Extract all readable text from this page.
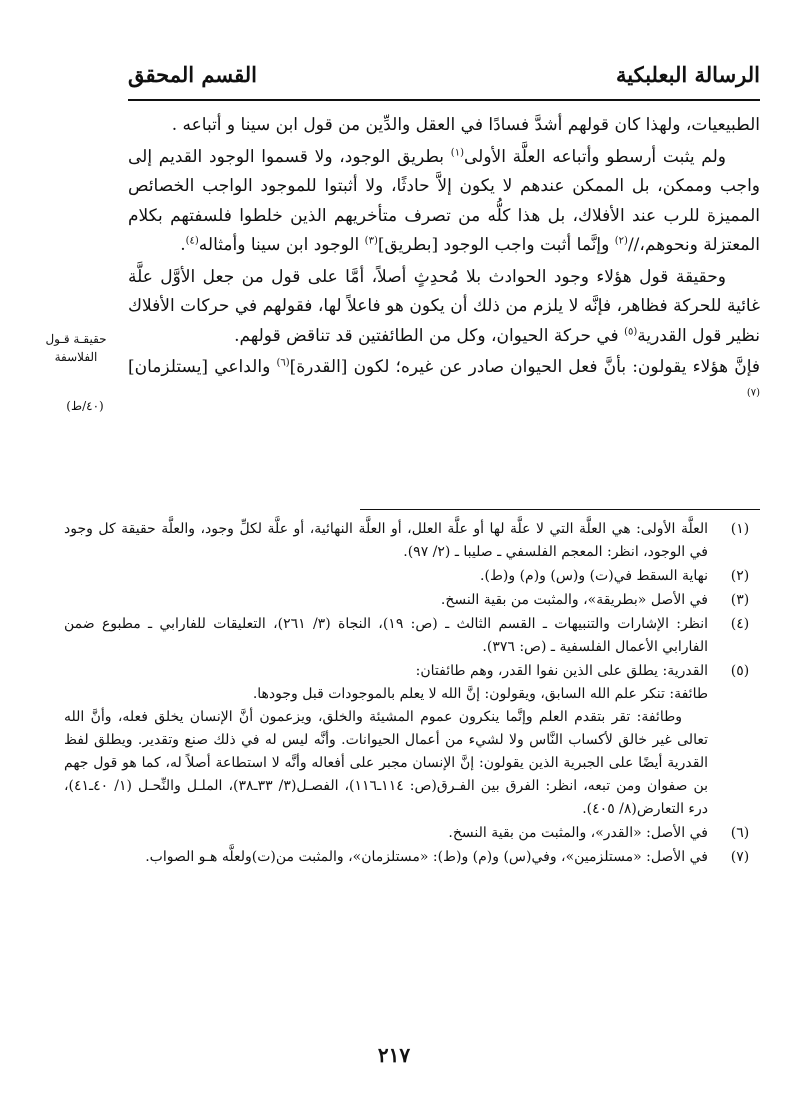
الرسالة البعلبكية
القسم المحقق

الطبيعيات، ولهذا كان قولهم أشدَّ فسادًا في العقل والدِّين من قول ابن سينا و أتباعه .

ولم يثبت أرسطو وأتباعه العلَّة الأولى$^{(١)}$ بطريق الوجود، ولا قسموا الوجود القديم إلى واجب وممكن، بل الممكن عندهم لا يكون إلاَّ حادثًا، ولا أثبتوا للموجود الواجب الخصائص المميزة للرب عند الأفلاك، بل هذا كلُّه من تصرف متأخريهم الذين خلطوا فلسفتهم بكلام المعتزلة ونحوهم،//$^{(٢)}$ وإنَّما أثبت واجب الوجود [بطريق]$^{(٣)}$ الوجود ابن سينا وأمثاله$^{(٤)}$.

وحقيقة قول هؤلاء وجود الحوادث بلا مُحدِثٍ أصلاً، أمَّا على قول من جعل الأوَّل علَّة غائية للحركة فظاهر، فإنَّه لا يلزم من ذلك أن يكون هو فاعلاً لها، فقولهم في حركات الأفلاك نظير قول القدرية$^{(٥)}$ في حركة الحيوان، وكل من الطائفتين قد تناقض قولهم.

فإنَّ هؤلاء يقولون: بأنَّ فعل الحيوان صادر عن غيره؛ لكون [القدرة]$^{(٦)}$ والداعي [يستلزمان]$^{(٧)}$

حقيقـة قـول الفلاسفة
(٤٠/ط)
(١)
العلَّة الأولى: هي العلَّة التي لا علَّة لها أو علَّة العلل، أو العلَّة النهائية، أو علَّة لكلِّ وجود، والعلَّة حقيقة كل وجود في الوجود، انظر: المعجم الفلسفي ـ صليبا ـ (٢/ ٩٧).
(٢)
نهاية السقط في(ت) و(س) و(م) و(ط).
(٣)
في الأصل «بطريقة»، والمثبت من بقية النسخ.
(٤)
انظر: الإشارات والتنبيهات ـ القسم الثالث ـ (ص: ١٩)، النجاة (٣/ ٢٦١)، التعليقات للفارابي ـ مطبوع ضمن الفارابي الأعمال الفلسفية ـ (ص: ٣٧٦).
(٥)
القدرية: يطلق على الذين نفوا القدر، وهم طائفتان:
طائفة: تنكر علم الله السابق، ويقولون: إنَّ الله لا يعلم بالموجودات قبل وجودها.
وطائفة: تقر بتقدم العلم وإنَّما ينكرون عموم المشيئة والخلق، ويزعمون أنَّ الإنسان يخلق فعله، وأنَّ الله تعالى غير خالق لأكساب النَّاس ولا لشيء من أعمال الحيوانات. وأنَّه ليس له في ذلك صنع وتقدير. ويطلق لفظ القدرية أيضًا على الجبرية الذين يقولون: إنَّ الإنسان مجبر على أفعاله وأنَّه لا استطاعة أصلاً له، كما هو قول جهم بن صفوان ومن تبعه، انظر: الفرق بين الفـرق(ص: ١١٤ـ١١٦)، الفصـل(٣/ ٣٣ـ٣٨)، الملـل والنِّحـل (١/ ٤٠ـ٤١)، درء التعارض(٨/ ٤٠٥).
(٦)
في الأصل: «القدر»، والمثبت من بقية النسخ.
(٧)
في الأصل: «مستلزمين»، وفي(س) و(م) و(ط): «مستلزمان»، والمثبت من(ت)ولعلَّه هـو الصواب.
٢١٧
